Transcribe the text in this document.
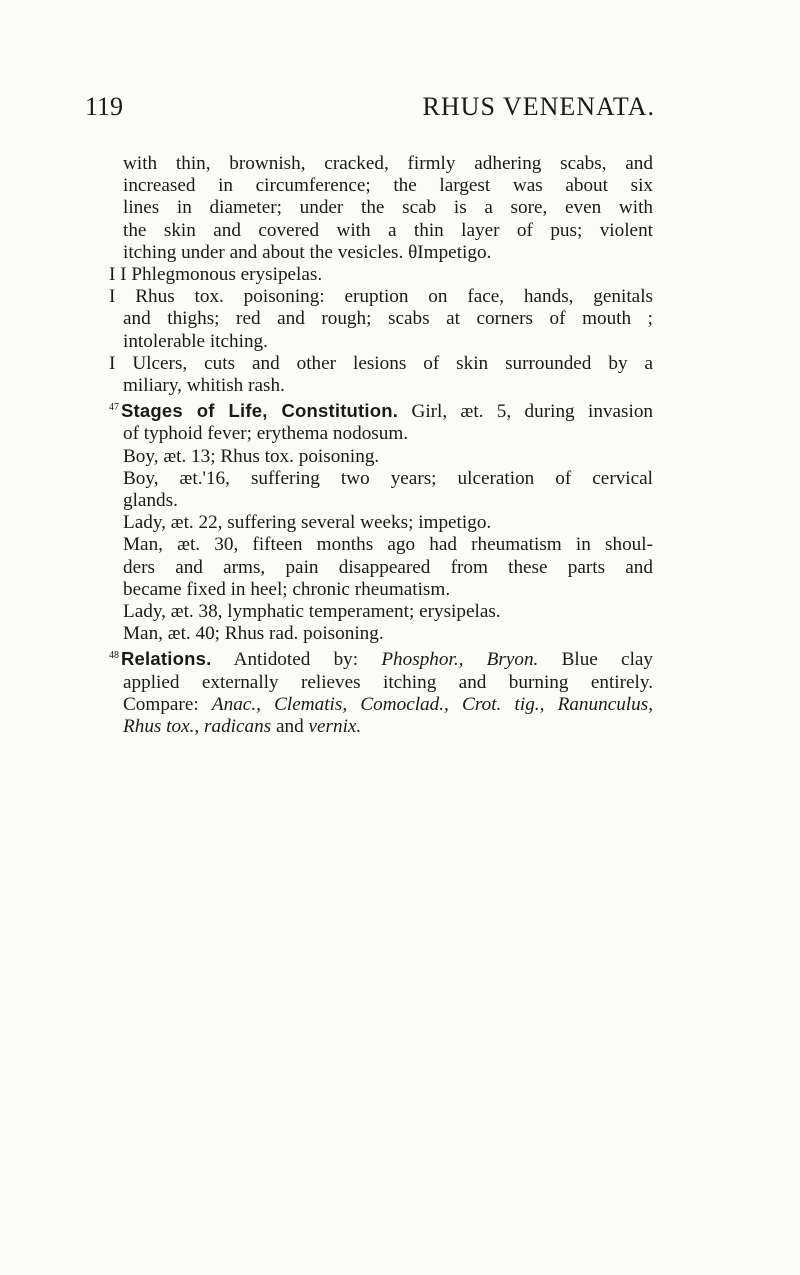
119	RHUS VENENATA.
with thin, brownish, cracked, firmly adhering scabs, and
increased in circumference; the largest was about six
lines in diameter; under the scab is a sore, even with
the skin and covered with a thin layer of pus; violent
itching under and about the vesicles. θImpetigo.
I I Phlegmonous erysipelas.
I Rhus tox. poisoning: eruption on face, hands, genitals
and thighs; red and rough; scabs at corners of mouth ;
intolerable itching.
I Ulcers, cuts and other lesions of skin surrounded by a
miliary, whitish rash.
$^{47}$ Stages of Life, Constitution. Girl, æt. 5, during invasion
of typhoid fever; erythema nodosum.
Boy, æt. 13; Rhus tox. poisoning.
Boy, æt.'16, suffering two years; ulceration of cervical
glands.
Lady, æt. 22, suffering several weeks; impetigo.
Man, æt. 30, fifteen months ago had rheumatism in shoul-
ders and arms, pain disappeared from these parts and
became fixed in heel; chronic rheumatism.
Lady, æt. 38, lymphatic temperament; erysipelas.
Man, æt. 40; Rhus rad. poisoning.
$^{48}$ Relations. Antidoted by: Phosphor., Bryon. Blue clay
applied externally relieves itching and burning entirely.
Compare: Anac., Clematis, Comoclad., Crot. tig., Ranunculus,
Rhus tox., radicans and vernix.
